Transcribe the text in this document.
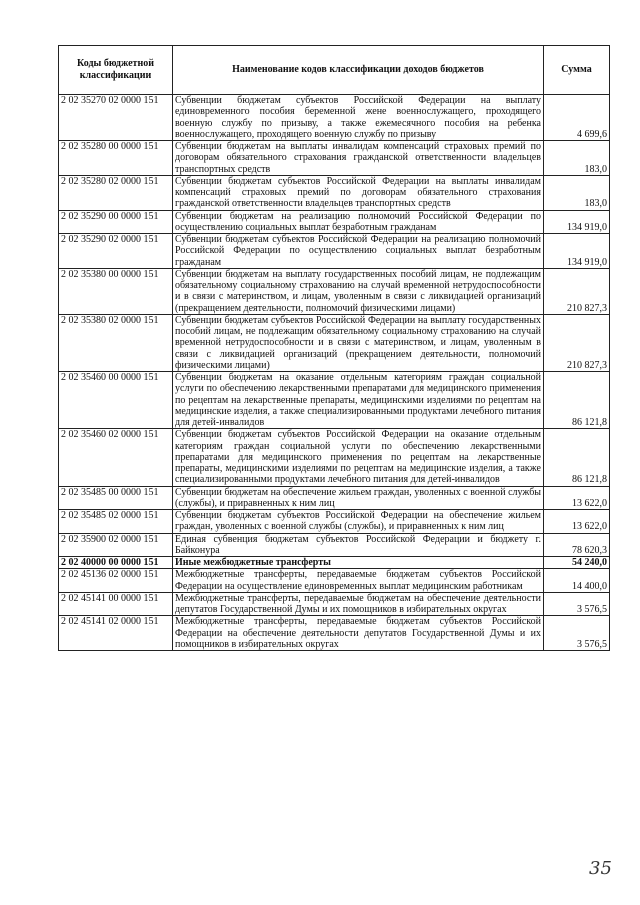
Коды бюджетной классификации	Наименование кодов классификации доходов бюджетов	Сумма
2 02 35270 02 0000 151	Субвенции бюджетам субъектов Российской Федерации на выплату единовременного пособия беременной жене военнослужащего, проходящего военную службу по призыву, а также ежемесячного пособия на ребенка военнослужащего, проходящего военную службу по призыву	4 699,6
2 02 35280 00 0000 151	Субвенции бюджетам на выплаты инвалидам компенсаций страховых премий по договорам обязательного страхования гражданской ответственности владельцев транспортных средств	183,0
2 02 35280 02 0000 151	Субвенции бюджетам субъектов Российской Федерации на выплаты инвалидам компенсаций страховых премий по договорам обязательного страхования гражданской ответственности владельцев транспортных средств	183,0
2 02 35290 00 0000 151	Субвенции бюджетам на реализацию полномочий Российской Федерации по осуществлению социальных выплат безработным гражданам	134 919,0
2 02 35290 02 0000 151	Субвенции бюджетам субъектов Российской Федерации на реализацию полномочий Российской Федерации по осуществлению социальных выплат безработным гражданам	134 919,0
2 02 35380 00 0000 151	Субвенции бюджетам на выплату государственных пособий лицам, не подлежащим обязательному социальному страхованию на случай временной нетрудоспособности и в связи с материнством, и лицам, уволенным в связи с ликвидацией организаций (прекращением деятельности, полномочий физическими лицами)	210 827,3
2 02 35380 02 0000 151	Субвенции бюджетам субъектов Российской Федерации на выплату государственных пособий лицам, не подлежащим обязательному социальному страхованию на случай временной нетрудоспособности и в связи с материнством, и лицам, уволенным в связи с ликвидацией организаций (прекращением деятельности, полномочий физическими лицами)	210 827,3
2 02 35460 00 0000 151	Субвенции бюджетам на оказание отдельным категориям граждан социальной услуги по обеспечению лекарственными препаратами для медицинского применения по рецептам на лекарственные препараты, медицинскими изделиями по рецептам на медицинские изделия, а также специализированными продуктами лечебного питания для детей-инвалидов	86 121,8
2 02 35460 02 0000 151	Субвенции бюджетам субъектов Российской Федерации на оказание отдельным категориям граждан социальной услуги по обеспечению лекарственными препаратами для медицинского применения по рецептам на лекарственные препараты, медицинскими изделиями по рецептам на медицинские изделия, а также специализированными продуктами лечебного питания для детей-инвалидов	86 121,8
2 02 35485 00 0000 151	Субвенции бюджетам на обеспечение жильем граждан, уволенных с военной службы (службы), и приравненных к ним лиц	13 622,0
2 02 35485 02 0000 151	Субвенции бюджетам субъектов Российской Федерации на обеспечение жильем граждан, уволенных с военной службы (службы), и приравненных к ним лиц	13 622,0
2 02 35900 02 0000 151	Единая субвенция бюджетам субъектов Российской Федерации и бюджету г. Байконура	78 620,3
2 02 40000 00 0000 151	Иные межбюджетные трансферты	54 240,0
2 02 45136 02 0000 151	Межбюджетные трансферты, передаваемые бюджетам субъектов Российской Федерации на осуществление единовременных выплат медицинским работникам	14 400,0
2 02 45141 00 0000 151	Межбюджетные трансферты, передаваемые бюджетам на обеспечение деятельности депутатов Государственной Думы и их помощников в избирательных округах	3 576,5
2 02 45141 02 0000 151	Межбюджетные трансферты, передаваемые бюджетам субъектов Российской Федерации на обеспечение деятельности депутатов Государственной Думы и их помощников в избирательных округах	3 576,5
35
